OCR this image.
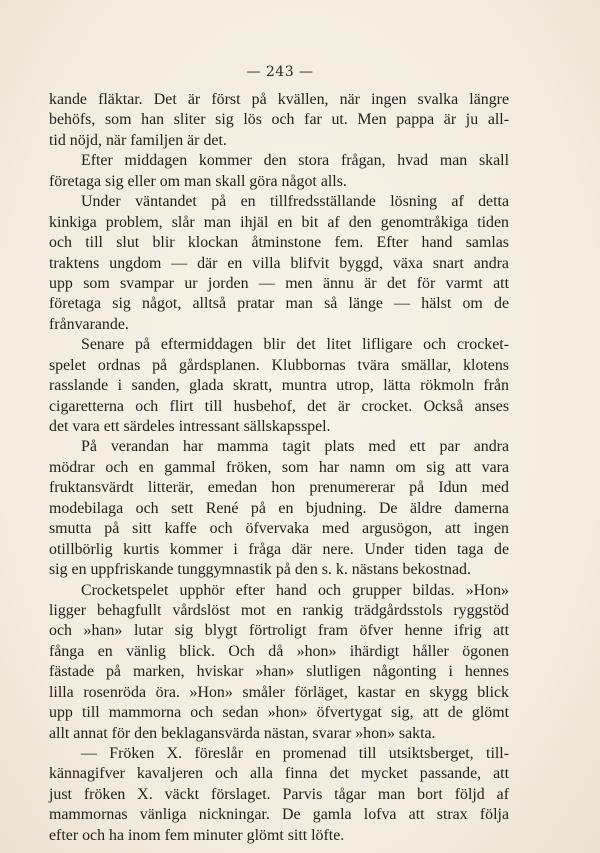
— 243 —
kande fläktar. Det är först på kvällen, när ingen svalka längre
behöfs, som han sliter sig lös och far ut. Men pappa är ju all-
tid nöjd, när familjen är det.
Efter middagen kommer den stora frågan, hvad man skall
företaga sig eller om man skall göra något alls.
Under väntandet på en tillfredsställande lösning af detta
kinkiga problem, slår man ihjäl en bit af den genomtråkiga tiden
och till slut blir klockan åtminstone fem. Efter hand samlas
traktens ungdom — där en villa blifvit byggd, växa snart andra
upp som svampar ur jorden — men ännu är det för varmt att
företaga sig något, alltså pratar man så länge — hälst om de
frånvarande.
Senare på eftermiddagen blir det litet lifligare och crocket-
spelet ordnas på gårdsplanen. Klubbornas tvära smällar, klotens
rasslande i sanden, glada skratt, muntra utrop, lätta rökmoln från
cigaretterna och flirt till husbehof, det är crocket. Också anses
det vara ett särdeles intressant sällskapsspel.
På verandan har mamma tagit plats med ett par andra
mödrar och en gammal fröken, som har namn om sig att vara
fruktansvärdt litterär, emedan hon prenumererar på Idun med
modebilaga och sett René på en bjudning. De äldre damerna
smutta på sitt kaffe och öfvervaka med argusögon, att ingen
otillbörlig kurtis kommer i fråga där nere. Under tiden taga de
sig en uppfriskande tunggymnastik på den s. k. nästans bekostnad.
Crocketspelet upphör efter hand och grupper bildas. »Hon»
ligger behagfullt vårdslöst mot en rankig trädgårdsstols ryggstöd
och »han» lutar sig blygt förtroligt fram öfver henne ifrig att
fånga en vänlig blick. Och då »hon» ihärdigt håller ögonen
fästade på marken, hviskar »han» slutligen någonting i hennes
lilla rosenröda öra. »Hon» småler förläget, kastar en skygg blick
upp till mammorna och sedan »hon» öfvertygat sig, att de glömt
allt annat för den beklagansvärda nästan, svarar »hon» sakta.
— Fröken X. föreslår en promenad till utsiktsberget, till-
kännagifver kavaljeren och alla finna det mycket passande, att
just fröken X. väckt förslaget. Parvis tågar man bort följd af
mammornas vänliga nickningar. De gamla lofva att strax följa
efter och ha inom fem minuter glömt sitt löfte.
